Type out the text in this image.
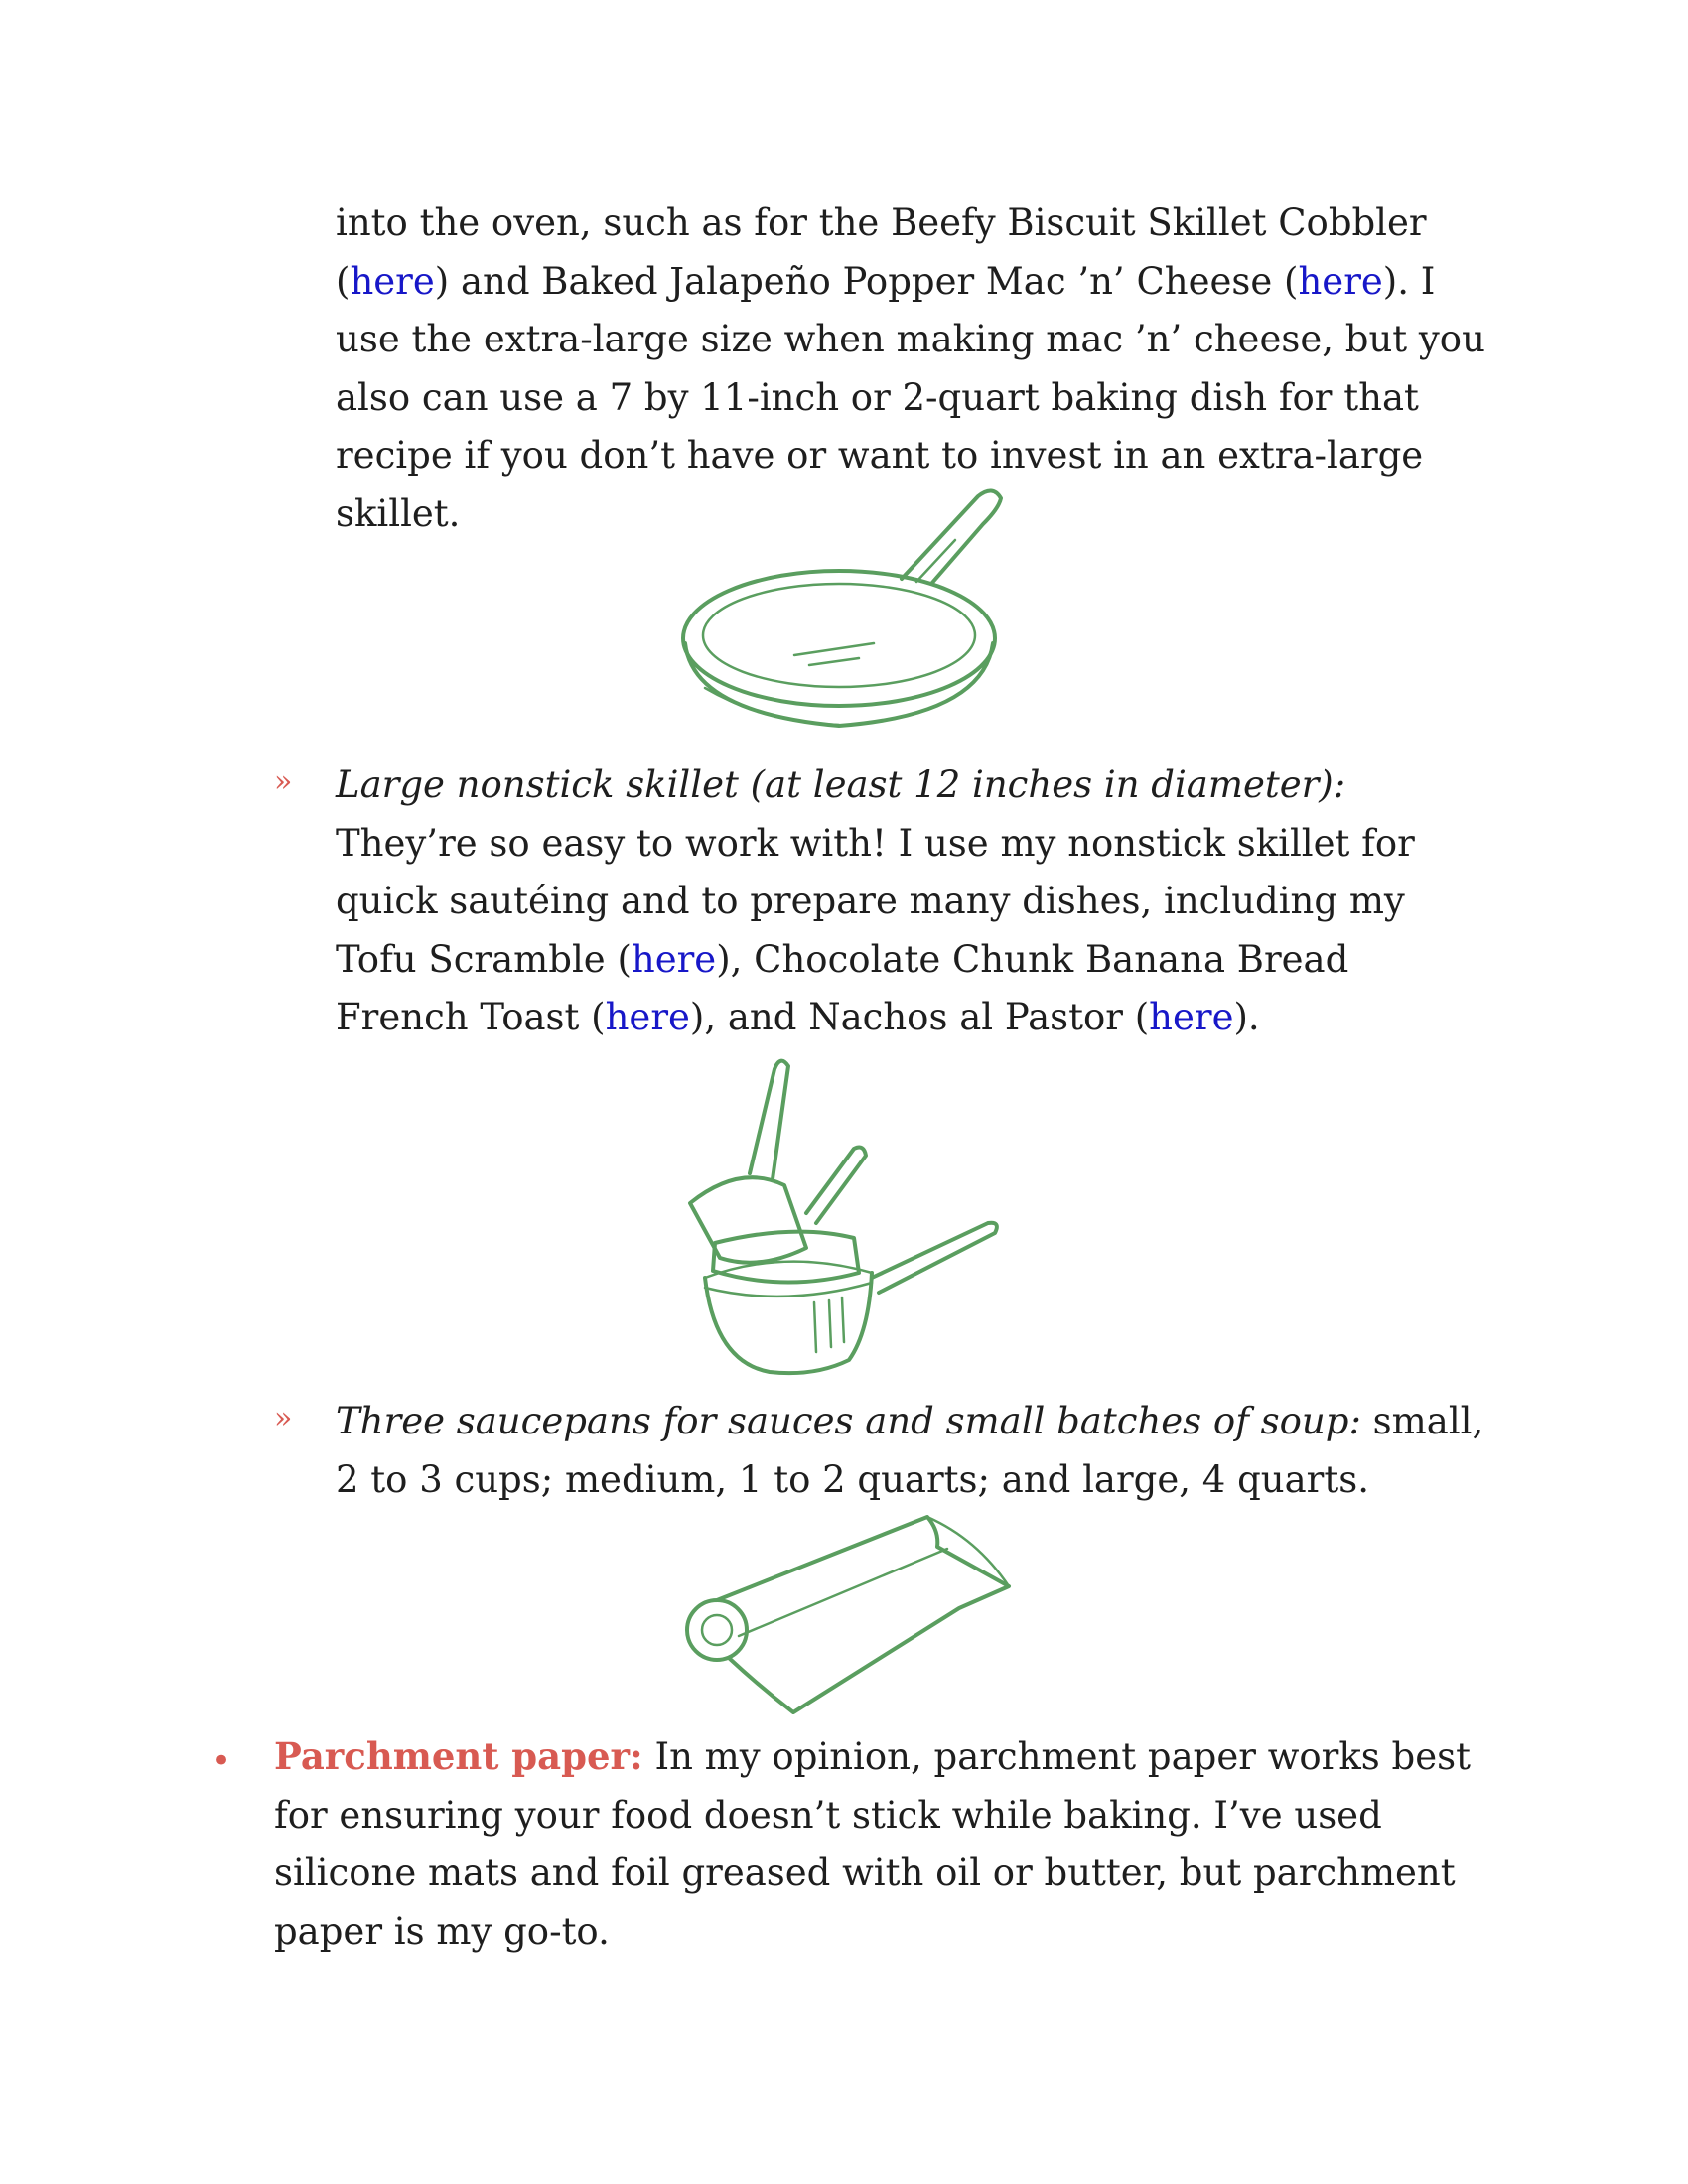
into the oven, such as for the Beefy Biscuit Skillet Cobbler (here) and Baked Jalapeño Popper Mac ’n’ Cheese (here). I use the extra-large size when making mac ’n’ cheese, but you also can use a 7 by 11-inch or 2-quart baking dish for that recipe if you don’t have or want to invest in an extra-large skillet.

» Large nonstick skillet (at least 12 inches in diameter): They’re so easy to work with! I use my nonstick skillet for quick sautéing and to prepare many dishes, including my Tofu Scramble (here), Chocolate Chunk Banana Bread French Toast (here), and Nachos al Pastor (here).

» Three saucepans for sauces and small batches of soup: small, 2 to 3 cups; medium, 1 to 2 quarts; and large, 4 quarts.

• Parchment paper: In my opinion, parchment paper works best for ensuring your food doesn’t stick while baking. I’ve used silicone mats and foil greased with oil or butter, but parchment paper is my go-to.
